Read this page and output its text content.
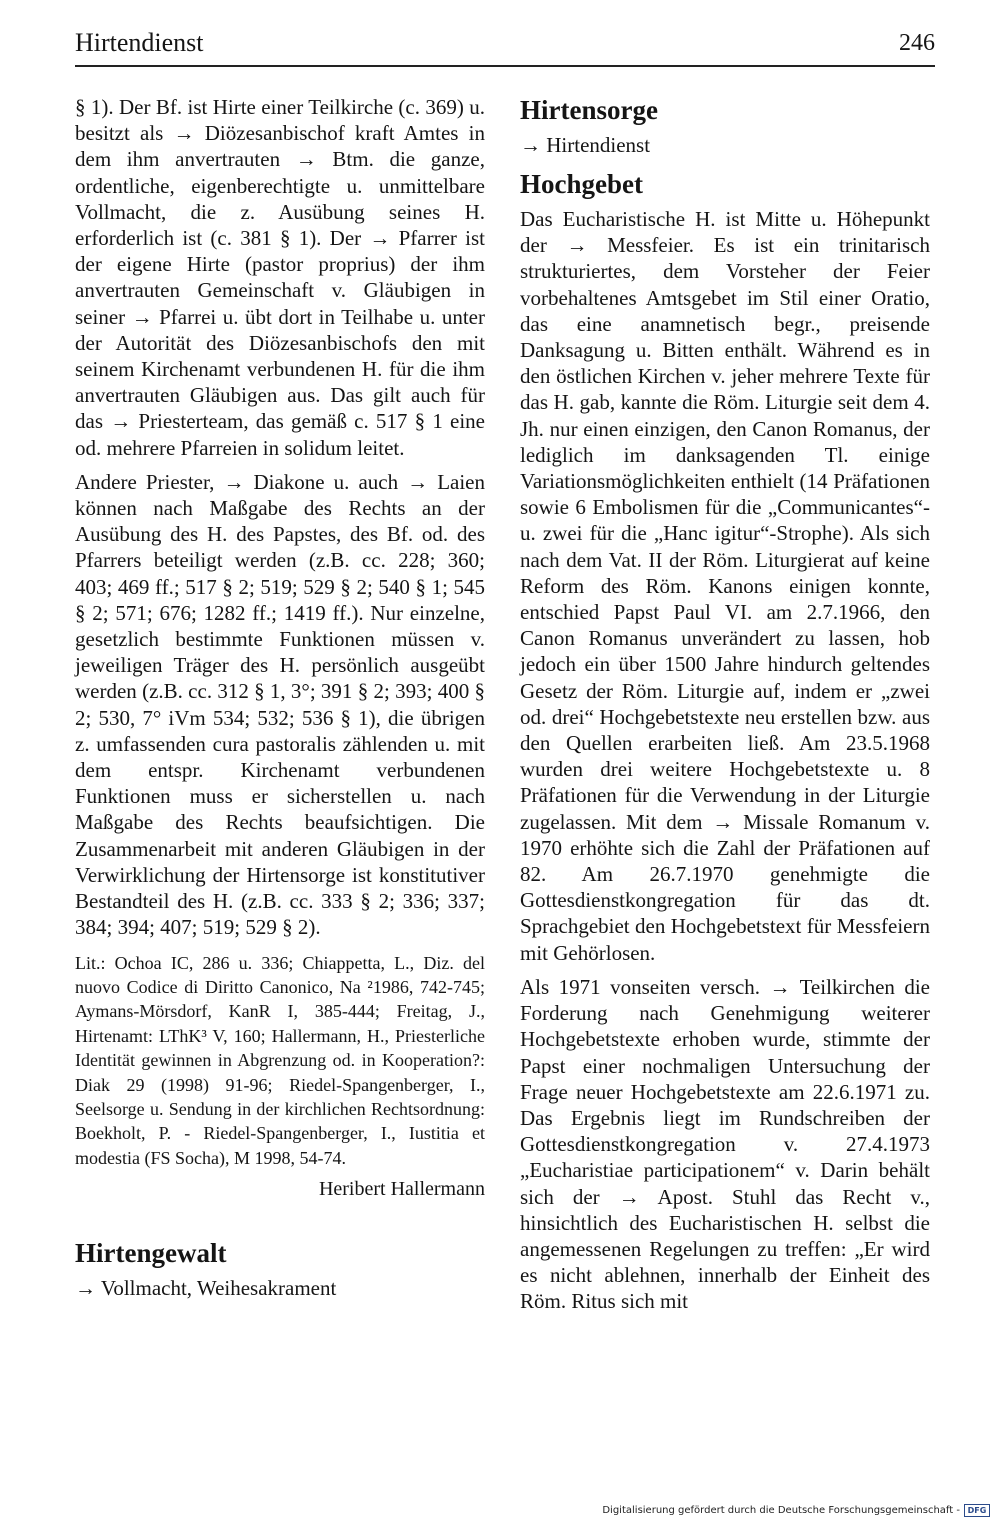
Hirtendienst	246

§ 1). Der Bf. ist Hirte einer Teilkirche (c. 369) u. besitzt als → Diözesanbischof kraft Amtes in dem ihm anvertrauten → Btm. die ganze, ordentliche, eigenberechtigte u. unmittelbare Vollmacht, die z. Ausübung seines H. erforderlich ist (c. 381 § 1). Der → Pfarrer ist der eigene Hirte (pastor proprius) der ihm anvertrauten Gemeinschaft v. Gläubigen in seiner → Pfarrei u. übt dort in Teilhabe u. unter der Autorität des Diözesanbischofs den mit seinem Kirchenamt verbundenen H. für die ihm anvertrauten Gläubigen aus. Das gilt auch für das → Priesterteam, das gemäß c. 517 § 1 eine od. mehrere Pfarreien in solidum leitet.

Andere Priester, → Diakone u. auch → Laien können nach Maßgabe des Rechts an der Ausübung des H. des Papstes, des Bf. od. des Pfarrers beteiligt werden (z.B. cc. 228; 360; 403; 469 ff.; 517 § 2; 519; 529 § 2; 540 § 1; 545 § 2; 571; 676; 1282 ff.; 1419 ff.). Nur einzelne, gesetzlich bestimmte Funktionen müssen v. jeweiligen Träger des H. persönlich ausgeübt werden (z.B. cc. 312 § 1, 3°; 391 § 2; 393; 400 § 2; 530, 7° iVm 534; 532; 536 § 1), die übrigen z. umfassenden cura pastoralis zählenden u. mit dem entspr. Kirchenamt verbundenen Funktionen muss er sicherstellen u. nach Maßgabe des Rechts beaufsichtigen. Die Zusammenarbeit mit anderen Gläubigen in der Verwirklichung der Hirtensorge ist konstitutiver Bestandteil des H. (z.B. cc. 333 § 2; 336; 337; 384; 394; 407; 519; 529 § 2).

Lit.: Ochoa IC, 286 u. 336; Chiappetta, L., Diz. del nuovo Codice di Diritto Canonico, Na ²1986, 742-745; Aymans-Mörsdorf, KanR I, 385-444; Freitag, J., Hirtenamt: LThK³ V, 160; Hallermann, H., Priesterliche Identität gewinnen in Abgrenzung od. in Kooperation?: Diak 29 (1998) 91-96; Riedel-Spangenberger, I., Seelsorge u. Sendung in der kirchlichen Rechtsordnung: Boekholt, P. - Riedel-Spangenberger, I., Iustitia et modestia (FS Socha), M 1998, 54-74.

Heribert Hallermann

Hirtengewalt

→ Vollmacht, Weihesakrament

Hirtensorge

→ Hirtendienst

Hochgebet

Das Eucharistische H. ist Mitte u. Höhepunkt der → Messfeier. Es ist ein trinitarisch strukturiertes, dem Vorsteher der Feier vorbehaltenes Amtsgebet im Stil einer Oratio, das eine anamnetisch begr., preisende Danksagung u. Bitten enthält. Während es in den östlichen Kirchen v. jeher mehrere Texte für das H. gab, kannte die Röm. Liturgie seit dem 4. Jh. nur einen einzigen, den Canon Romanus, der lediglich im danksagenden Tl. einige Variationsmöglichkeiten enthielt (14 Präfationen sowie 6 Embolismen für die „Communicantes“- u. zwei für die „Hanc igitur“-Strophe). Als sich nach dem Vat. II der Röm. Liturgierat auf keine Reform des Röm. Kanons einigen konnte, entschied Papst Paul VI. am 2.7.1966, den Canon Romanus unverändert zu lassen, hob jedoch ein über 1500 Jahre hindurch geltendes Gesetz der Röm. Liturgie auf, indem er „zwei od. drei“ Hochgebetstexte neu erstellen bzw. aus den Quellen erarbeiten ließ. Am 23.5.1968 wurden drei weitere Hochgebetstexte u. 8 Präfationen für die Verwendung in der Liturgie zugelassen. Mit dem → Missale Romanum v. 1970 erhöhte sich die Zahl der Präfationen auf 82. Am 26.7.1970 genehmigte die Gottesdienstkongregation für das dt. Sprachgebiet den Hochgebetstext für Messfeiern mit Gehörlosen.

Als 1971 vonseiten versch. → Teilkirchen die Forderung nach Genehmigung weiterer Hochgebetstexte erhoben wurde, stimmte der Papst einer nochmaligen Untersuchung der Frage neuer Hochgebetstexte am 22.6.1971 zu. Das Ergebnis liegt im Rundschreiben der Gottesdienstkongregation v. 27.4.1973 „Eucharistiae participationem“ v. Darin behält sich der → Apost. Stuhl das Recht v., hinsichtlich des Eucharistischen H. selbst die angemessenen Regelungen zu treffen: „Er wird es nicht ablehnen, innerhalb der Einheit des Röm. Ritus sich mit

Digitalisierung gefördert durch die Deutsche Forschungsgemeinschaft - DFG
